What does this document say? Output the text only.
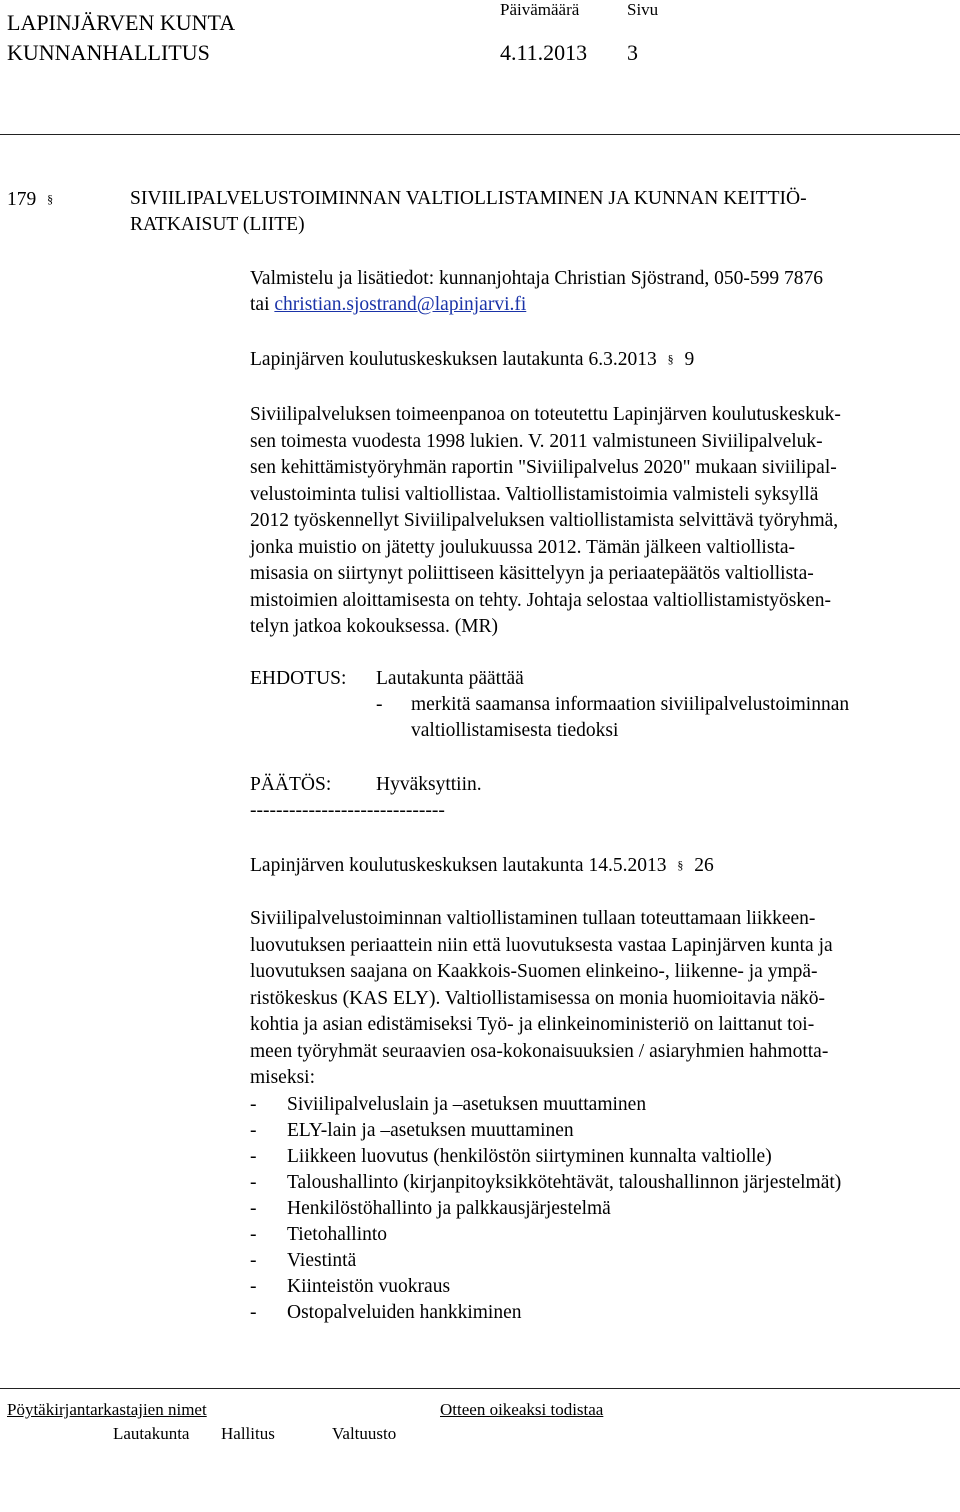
LAPINJÄRVEN KUNTA
KUNNANHALLITUS
Päivämäärä	Sivu
4.11.2013 3
179 §	SIVIILIPALVELUSTOIMINNAN VALTIOLLISTAMINEN JA KUNNAN KEITTIÖ-
RATKAISUT (LIITE)
Valmistelu ja lisätiedot: kunnanjohtaja Christian Sjöstrand, 050-599 7876
tai christian.sjostrand@lapinjarvi.fi
Lapinjärven koulutuskeskuksen lautakunta 6.3.2013 § 9
Siviilipalveluksen toimeenpanoa on toteutettu Lapinjärven koulutuskeskuk-
sen toimesta vuodesta 1998 lukien. V. 2011 valmistuneen Siviilipalveluk-
sen kehittämistyöryhmän raportin "Siviilipalvelus 2020" mukaan siviilipal-
velustoiminta tulisi valtiollistaa. Valtiollistamistoimia valmisteli syksyllä
2012 työskennellyt Siviilipalveluksen valtiollistamista selvittävä työryhmä,
jonka muistio on jätetty joulukuussa 2012. Tämän jälkeen valtiollista-
misasia on siirtynyt poliittiseen käsittelyyn ja periaatepäätös valtiollista-
mistoimien aloittamisesta on tehty. Johtaja selostaa valtiollistamistyösken-
telyn jatkoa kokouksessa. (MR)
EHDOTUS: Lautakunta päättää
- merkitä saamansa informaation siviilipalvelustoiminnan
valtiollistamisesta tiedoksi
PÄÄTÖS: Hyväksyttiin.
------------------------------
Lapinjärven koulutuskeskuksen lautakunta 14.5.2013 § 26
Siviilipalvelustoiminnan valtiollistaminen tullaan toteuttamaan liikkeen-
luovutuksen periaattein niin että luovutuksesta vastaa Lapinjärven kunta ja
luovutuksen saajana on Kaakkois-Suomen elinkeino-, liikenne- ja ympä-
ristökeskus (KAS ELY). Valtiollistamisessa on monia huomioitavia näkö-
kohtia ja asian edistämiseksi Työ- ja elinkeinoministeriö on laittanut toi-
meen työryhmät seuraavien osa-kokonaisuuksien / asiaryhmien hahmotta-
miseksi:
- Siviilipalveluslain ja –asetuksen muuttaminen
- ELY-lain ja –asetuksen muuttaminen
- Liikkeen luovutus (henkilöstön siirtyminen kunnalta valtiolle)
- Taloushallinto (kirjanpitoyksikkötehtävät, taloushallinnon järjestelmät)
- Henkilöstöhallinto ja palkkausjärjestelmä
- Tietohallinto
- Viestintä
- Kiinteistön vuokraus
- Ostopalveluiden hankkiminen
Pöytäkirjantarkastajien nimet	Otteen oikeaksi todistaa
Lautakunta Hallitus	Valtuusto
